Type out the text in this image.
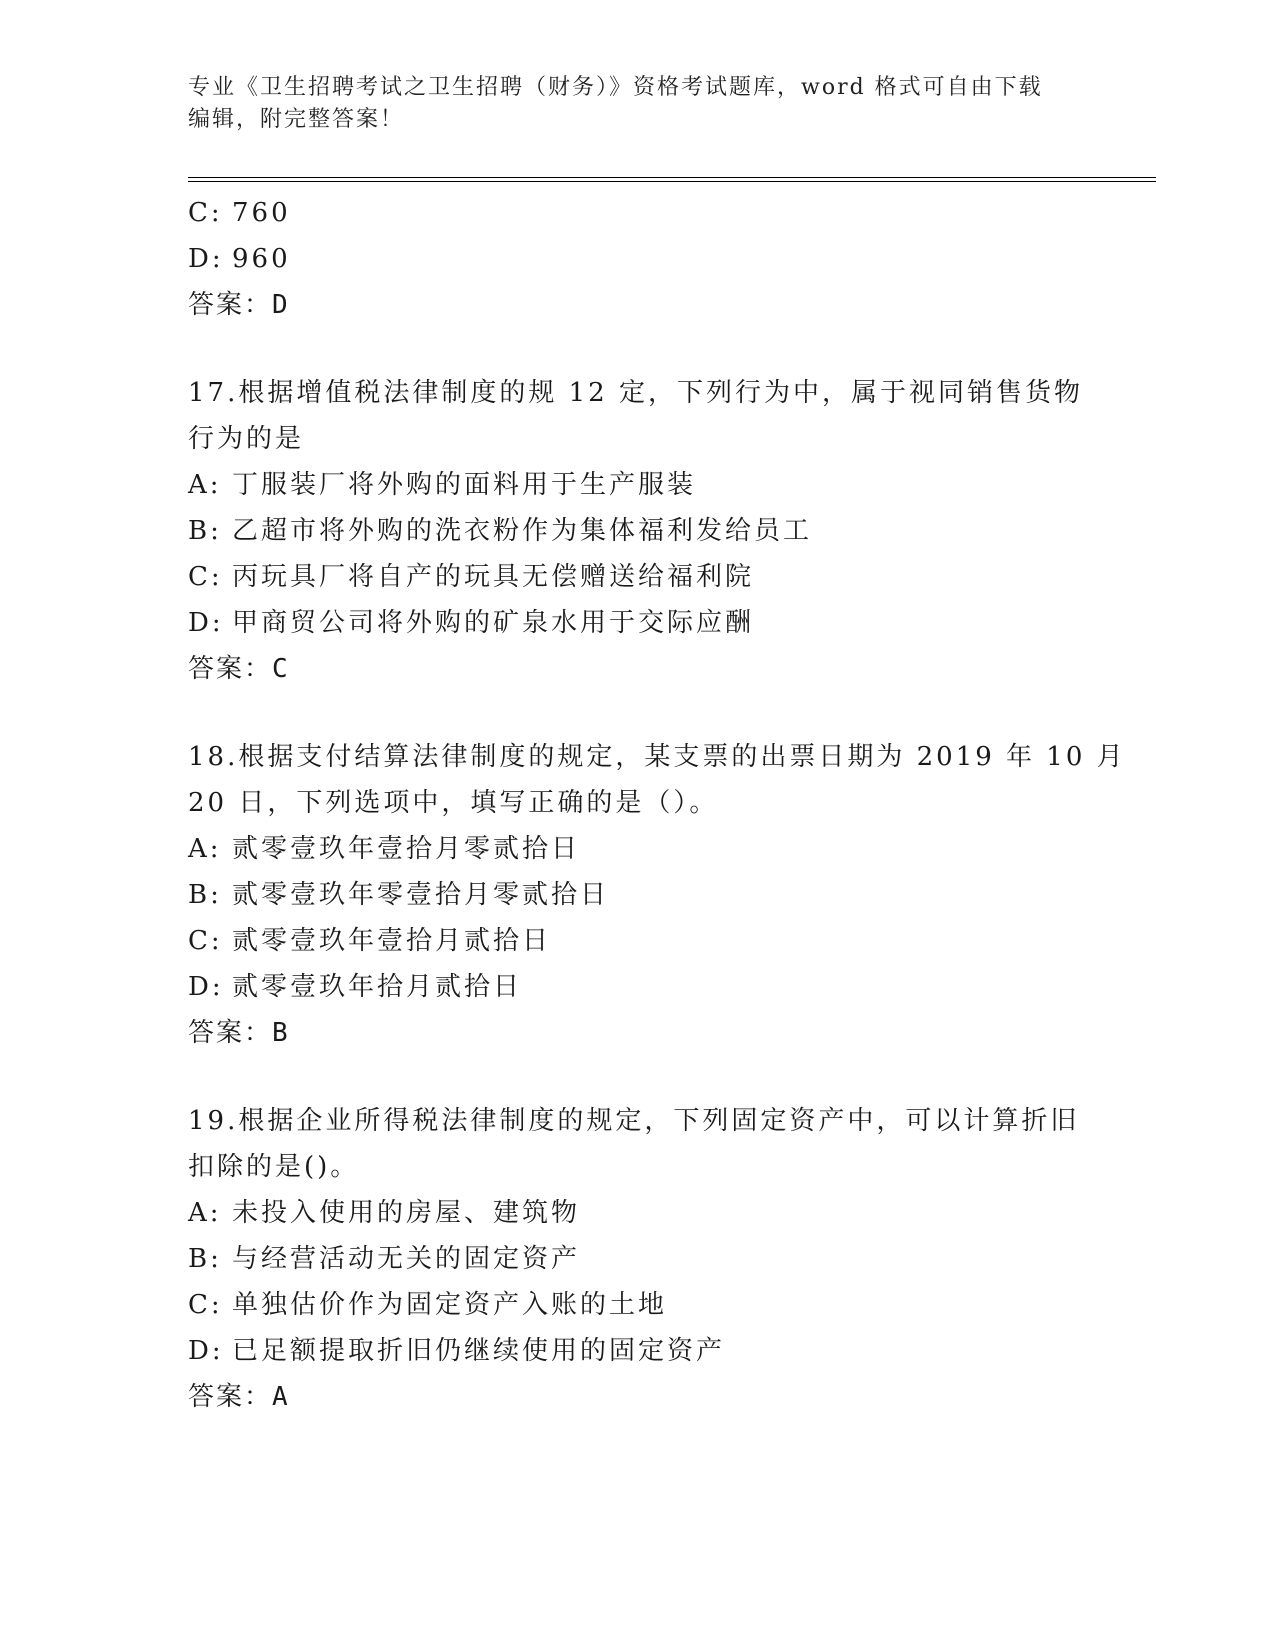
专业《卫生招聘考试之卫生招聘（财务）》资格考试题库，word 格式可自由下载
编辑，附完整答案！
C: 760
D: 960
答案：D
17.根据增值税法律制度的规 12 定，下列行为中，属于视同销售货物
行为的是
A: 丁服装厂将外购的面料用于生产服装
B: 乙超市将外购的洗衣粉作为集体福利发给员工
C: 丙玩具厂将自产的玩具无偿赠送给福利院
D: 甲商贸公司将外购的矿泉水用于交际应酬
答案：C
18.根据支付结算法律制度的规定，某支票的出票日期为 2019 年 10 月
20 日，下列选项中，填写正确的是（）。
A: 贰零壹玖年壹拾月零贰拾日
B: 贰零壹玖年零壹拾月零贰拾日
C: 贰零壹玖年壹拾月贰拾日
D: 贰零壹玖年拾月贰拾日
答案：B
19.根据企业所得税法律制度的规定，下列固定资产中，可以计算折旧
扣除的是()。
A: 未投入使用的房屋、建筑物
B: 与经营活动无关的固定资产
C: 单独估价作为固定资产入账的土地
D: 已足额提取折旧仍继续使用的固定资产
答案：A
